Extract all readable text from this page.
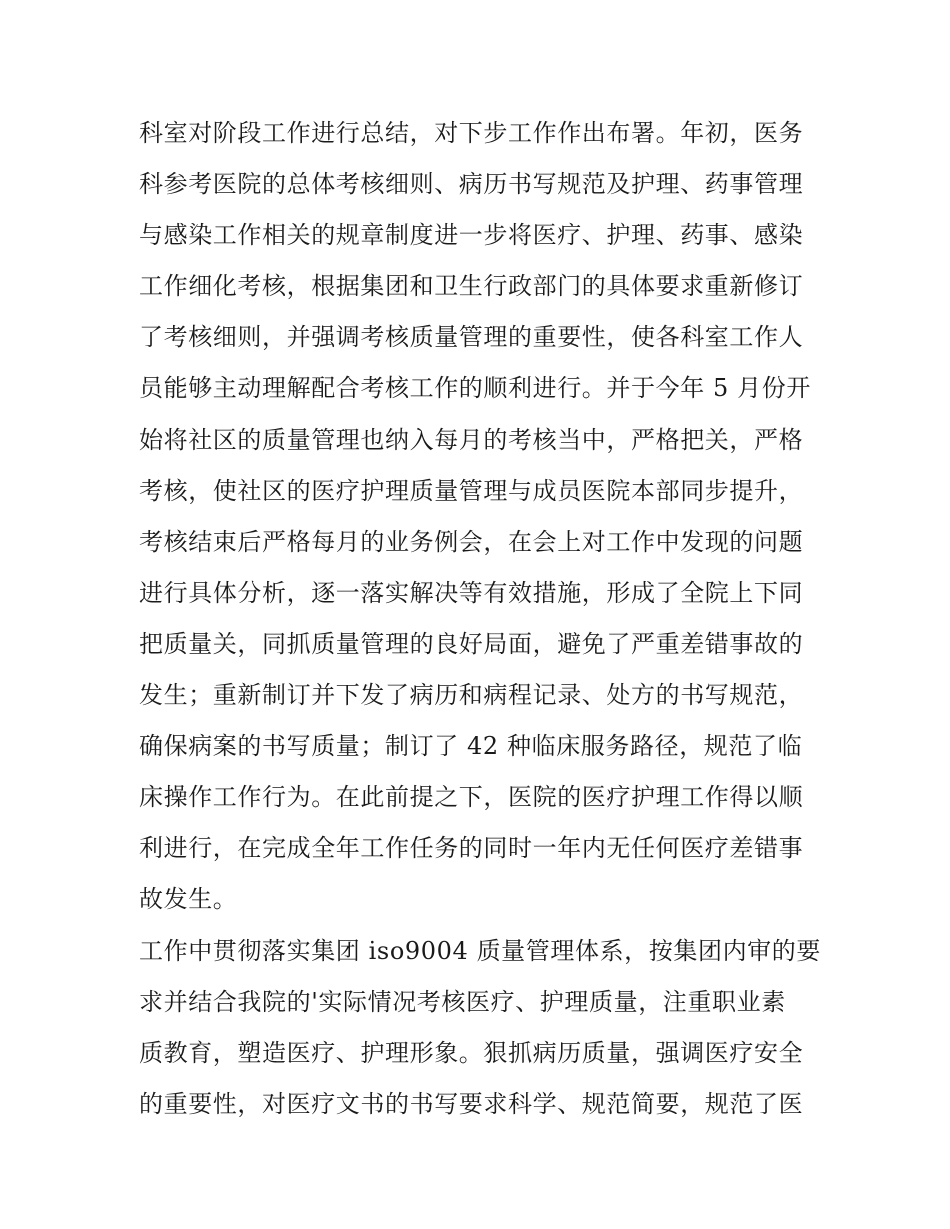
科室对阶段工作进行总结，对下步工作作出布署。年初，医务
科参考医院的总体考核细则、病历书写规范及护理、药事管理
与感染工作相关的规章制度进一步将医疗、护理、药事、感染
工作细化考核，根据集团和卫生行政部门的具体要求重新修订
了考核细则，并强调考核质量管理的重要性，使各科室工作人
员能够主动理解配合考核工作的顺利进行。并于今年 5 月份开
始将社区的质量管理也纳入每月的考核当中，严格把关，严格
考核，使社区的医疗护理质量管理与成员医院本部同步提升，
考核结束后严格每月的业务例会，在会上对工作中发现的问题
进行具体分析，逐一落实解决等有效措施，形成了全院上下同
把质量关，同抓质量管理的良好局面，避免了严重差错事故的
发生；重新制订并下发了病历和病程记录、处方的书写规范，
确保病案的书写质量；制订了 42 种临床服务路径，规范了临
床操作工作行为。在此前提之下，医院的医疗护理工作得以顺
利进行，在完成全年工作任务的同时一年内无任何医疗差错事
故发生。
工作中贯彻落实集团 iso9004 质量管理体系，按集团内审的要
求并结合我院的'实际情况考核医疗、护理质量，注重职业素
质教育，塑造医疗、护理形象。狠抓病历质量，强调医疗安全
的重要性，对医疗文书的书写要求科学、规范简要，规范了医
